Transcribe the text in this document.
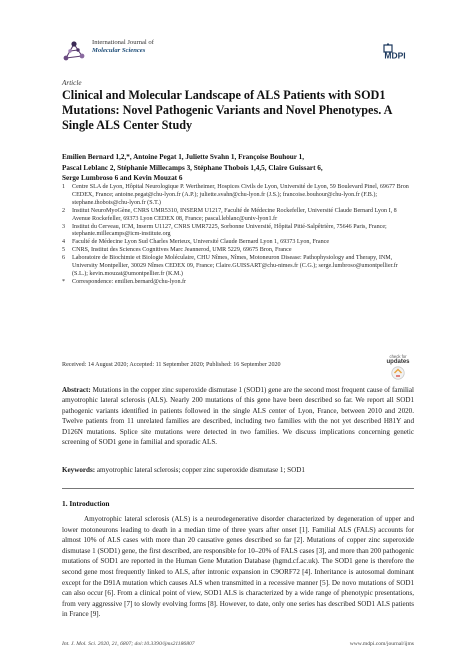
International Journal of
Molecular Sciences	MDPI
Article
Clinical and Molecular Landscape of ALS Patients with SOD1 Mutations: Novel Pathogenic Variants and Novel Phenotypes. A Single ALS Center Study
Emilien Bernard 1,2,*, Antoine Pegat 1, Juliette Svahn 1, Françoise Bouhour 1,
Pascal Leblanc 2, Stéphanie Millecamps 3, Stéphane Thobois 1,4,5, Claire Guissart 6,
Serge Lumbroso 6 and Kevin Mouzat 6
1	Centre SLA de Lyon, Hôpital Neurologique P. Wertheimer, Hospices Civils de Lyon, Université de Lyon, 59 Boulevard Pinel, 69677 Bron CEDEX, France; antoine.pegat@chu-lyon.fr (A.P.); juliette.svahn@chu-lyon.fr (J.S.); francoise.bouhour@chu-lyon.fr (F.B.); stephane.thobois@chu-lyon.fr (S.T.)
2	Institut NeuroMyoGène, CNRS UMR5310, INSERM U1217, Faculté de Médecine Rockefeller, Université Claude Bernard Lyon I, 8 Avenue Rockefeller, 69373 Lyon CEDEX 08, France; pascal.leblanc@univ-lyon1.fr
3	Institut du Cerveau, ICM, Inserm U1127, CNRS UMR7225, Sorbonne Université, Hôpital Pitié-Salpêtrière, 75646 Paris, France; stephanie.millecamps@icm-institute.org
4	Faculté de Médecine Lyon Sud Charles Merieux, Université Claude Bernard Lyon 1, 69373 Lyon, France
5	CNRS, Institut des Sciences Cognitives Marc Jeannerod, UMR 5229, 69675 Bron, France
6	Laboratoire de Biochimie et Biologie Moléculaire, CHU Nîmes, Nîmes, Motoneuron Disease: Pathophysiology and Therapy, INM, University Montpellier, 30029 Nîmes CEDEX 09, France; Claire.GUISSART@chu-nimes.fr (C.G.); serge.lumbroso@umontpellier.fr (S.L.); kevin.mouzat@umontpellier.fr (K.M.)
*	Correspondence: emilien.bernard@chu-lyon.fr
Received: 14 August 2020; Accepted: 11 September 2020; Published: 16 September 2020
check for
updates
Abstract: Mutations in the copper zinc superoxide dismutase 1 (SOD1) gene are the second most frequent cause of familial amyotrophic lateral sclerosis (ALS). Nearly 200 mutations of this gene have been described so far. We report all SOD1 pathogenic variants identified in patients followed in the single ALS center of Lyon, France, between 2010 and 2020. Twelve patients from 11 unrelated families are described, including two families with the not yet described H81Y and D126N mutations. Splice site mutations were detected in two families. We discuss implications concerning genetic screening of SOD1 gene in familial and sporadic ALS.
Keywords: amyotrophic lateral sclerosis; copper zinc superoxide dismutase 1; SOD1
1. Introduction

Amyotrophic lateral sclerosis (ALS) is a neurodegenerative disorder characterized by degeneration of upper and lower motoneurons leading to death in a median time of three years after onset [1]. Familial ALS (FALS) accounts for almost 10% of ALS cases with more than 20 causative genes described so far [2]. Mutations of copper zinc superoxide dismutase 1 (SOD1) gene, the first described, are responsible for 10–20% of FALS cases [3], and more than 200 pathogenic mutations of SOD1 are reported in the Human Gene Mutation Database (hgmd.cf.ac.uk). The SOD1 gene is therefore the second gene most frequently linked to ALS, after intronic expansion in C9ORF72 [4]. Inheritance is autosomal dominant except for the D91A mutation which causes ALS when transmitted in a recessive manner [5]. De novo mutations of SOD1 can also occur [6]. From a clinical point of view, SOD1 ALS is characterized by a wide range of phenotypic presentations, from very aggressive [7] to slowly evolving forms [8]. However, to date, only one series has described SOD1 ALS patients in France [9].

Int. J. Mol. Sci. 2020, 21, 6807; doi:10.3390/ijms21186807	www.mdpi.com/journal/ijms
